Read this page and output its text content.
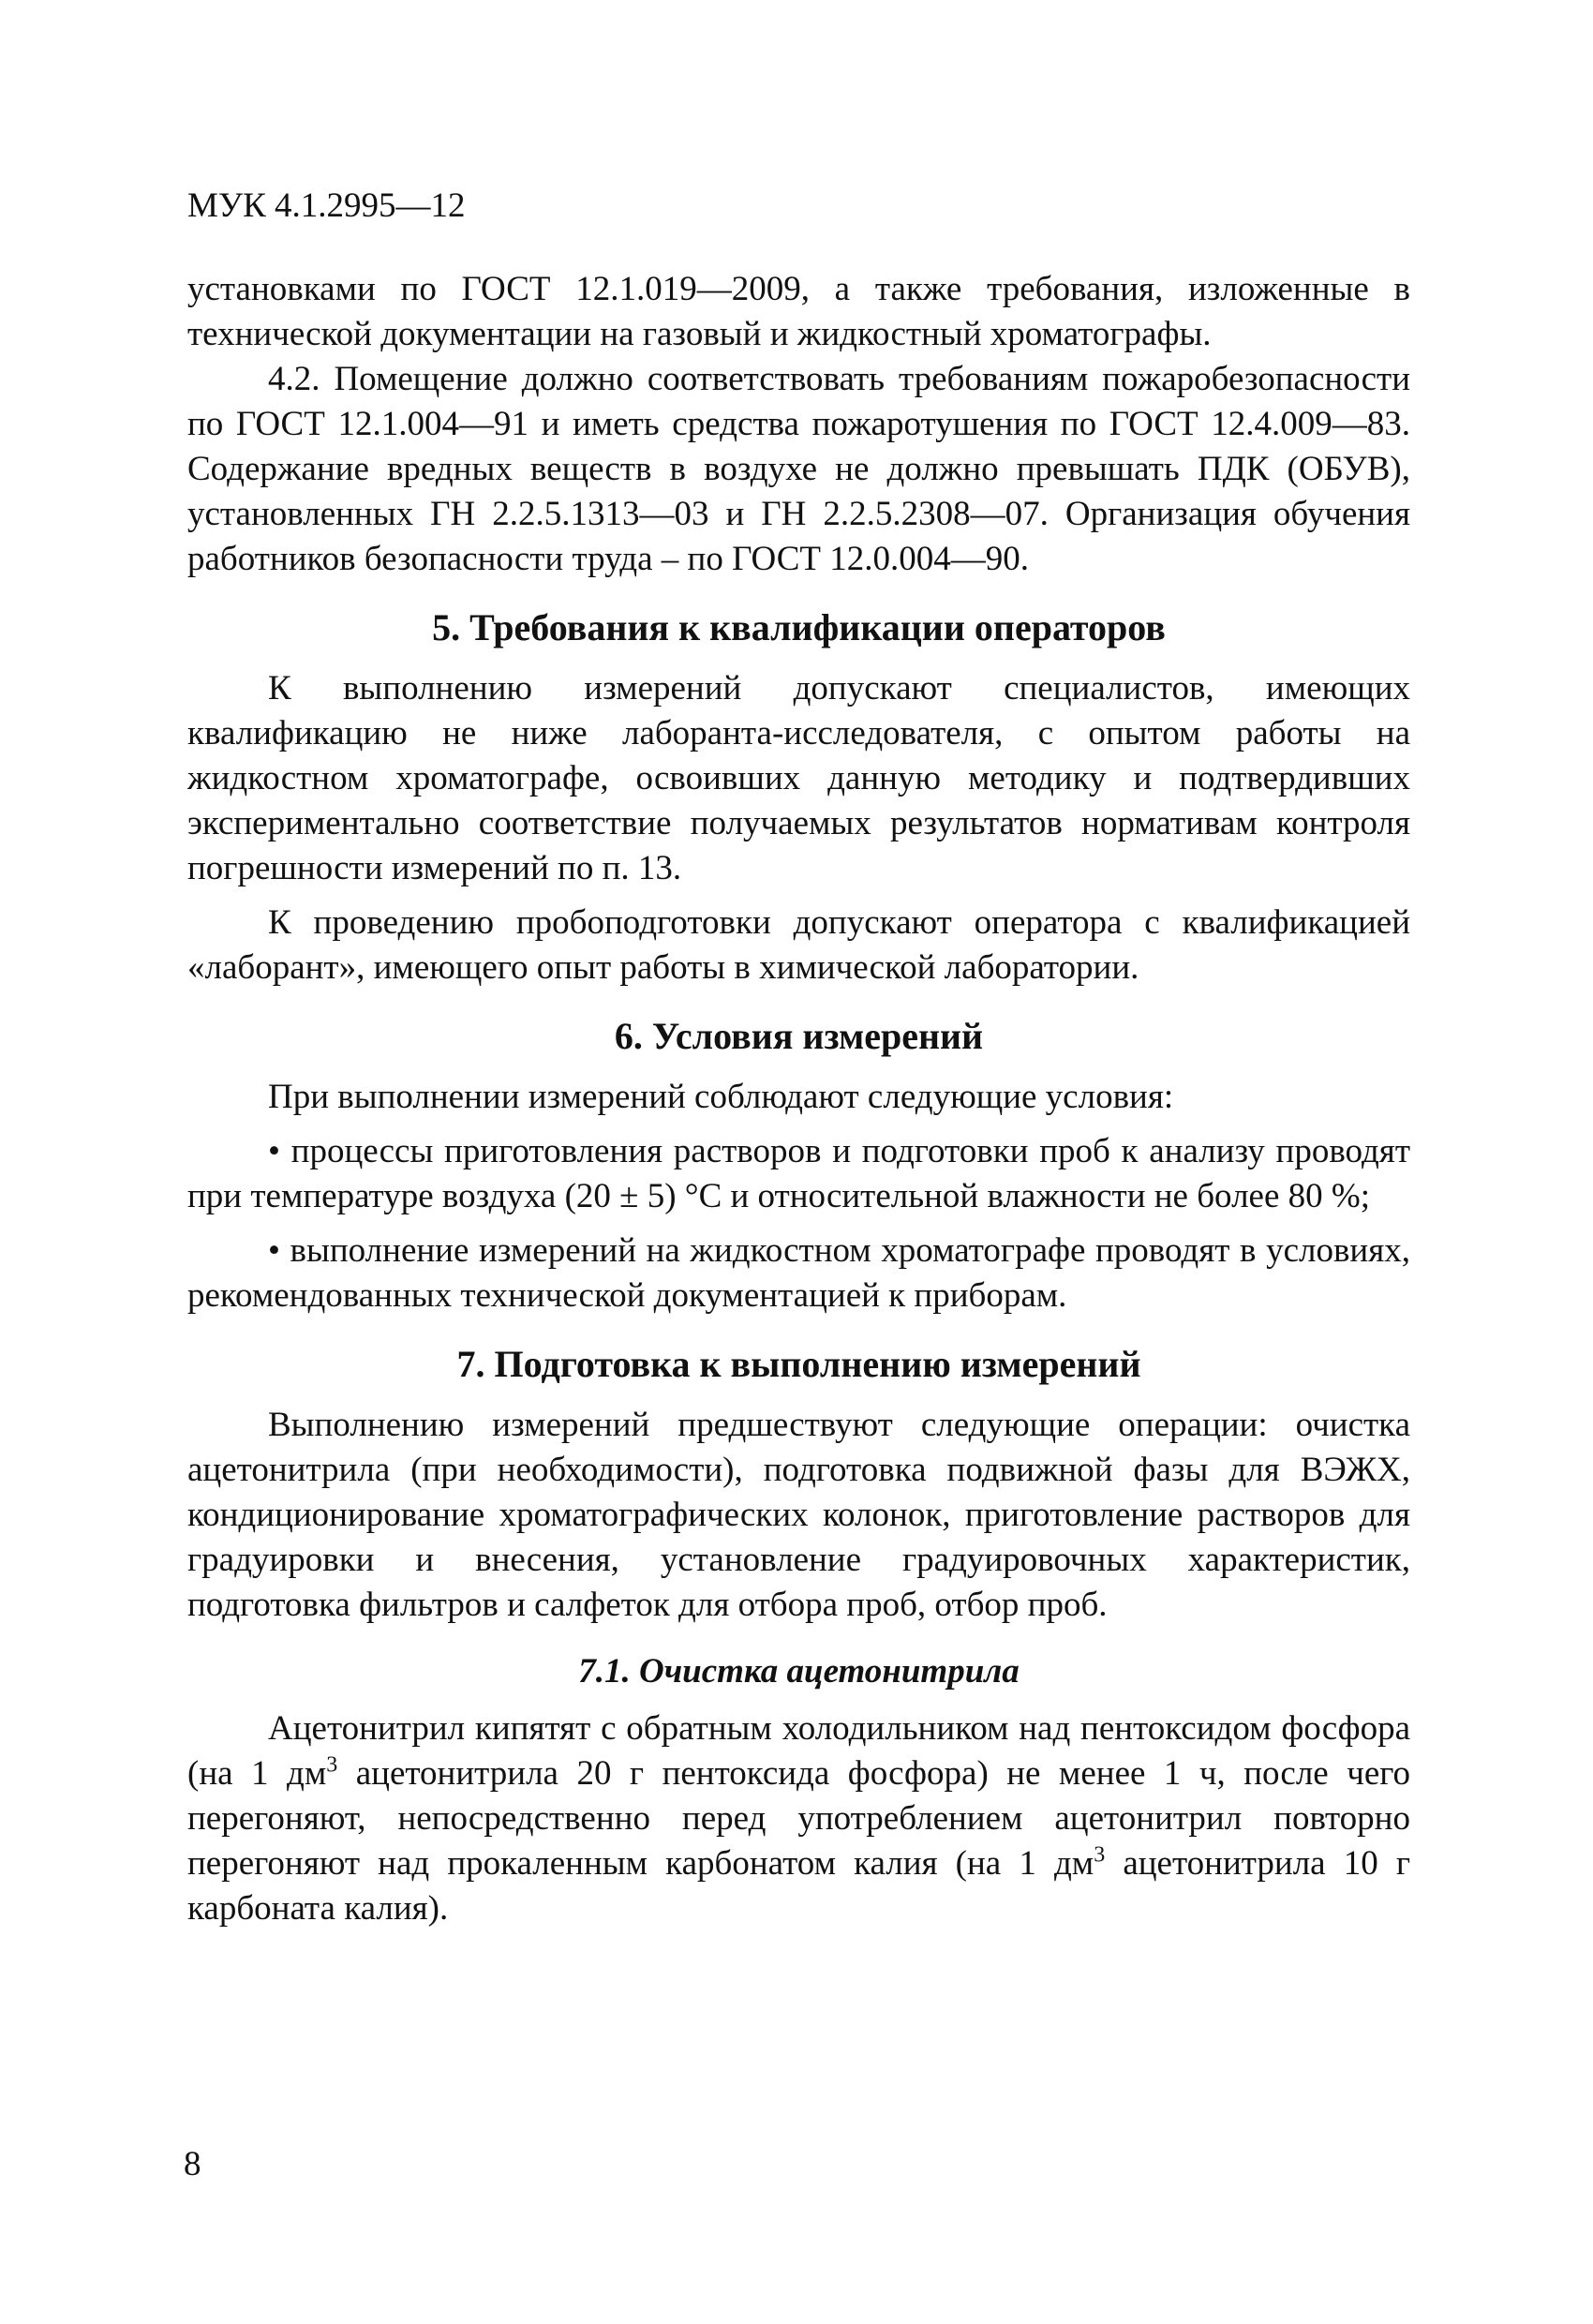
МУК 4.1.2995—12

установками по ГОСТ 12.1.019—2009, а также требования, изложенные в технической документации на газовый и жидкостный хроматографы.

4.2. Помещение должно соответствовать требованиям пожаробезопасности по ГОСТ 12.1.004—91 и иметь средства пожаротушения по ГОСТ 12.4.009—83. Содержание вредных веществ в воздухе не должно превышать ПДК (ОБУВ), установленных ГН 2.2.5.1313—03 и ГН 2.2.5.2308—07. Организация обучения работников безопасности труда – по ГОСТ 12.0.004—90.

5. Требования к квалификации операторов

К выполнению измерений допускают специалистов, имеющих квалификацию не ниже лаборанта-исследователя, с опытом работы на жидкостном хроматографе, освоивших данную методику и подтвердивших экспериментально соответствие получаемых результатов нормативам контроля погрешности измерений по п. 13.

К проведению пробоподготовки допускают оператора с квалификацией «лаборант», имеющего опыт работы в химической лаборатории.

6. Условия измерений

При выполнении измерений соблюдают следующие условия:

• процессы приготовления растворов и подготовки проб к анализу проводят при температуре воздуха (20 ± 5) °С и относительной влажности не более 80 %;

• выполнение измерений на жидкостном хроматографе проводят в условиях, рекомендованных технической документацией к приборам.

7. Подготовка к выполнению измерений

Выполнению измерений предшествуют следующие операции: очистка ацетонитрила (при необходимости), подготовка подвижной фазы для ВЭЖХ, кондиционирование хроматографических колонок, приготовление растворов для градуировки и внесения, установление градуировочных характеристик, подготовка фильтров и салфеток для отбора проб, отбор проб.

7.1. Очистка ацетонитрила

Ацетонитрил кипятят с обратным холодильником над пентоксидом фосфора (на 1 $дм^3$ ацетонитрила 20 г пентоксида фосфора) не менее 1 ч, после чего перегоняют, непосредственно перед употреблением ацетонитрил повторно перегоняют над прокаленным карбонатом калия (на 1 $дм^3$ ацетонитрила 10 г карбоната калия).

8
